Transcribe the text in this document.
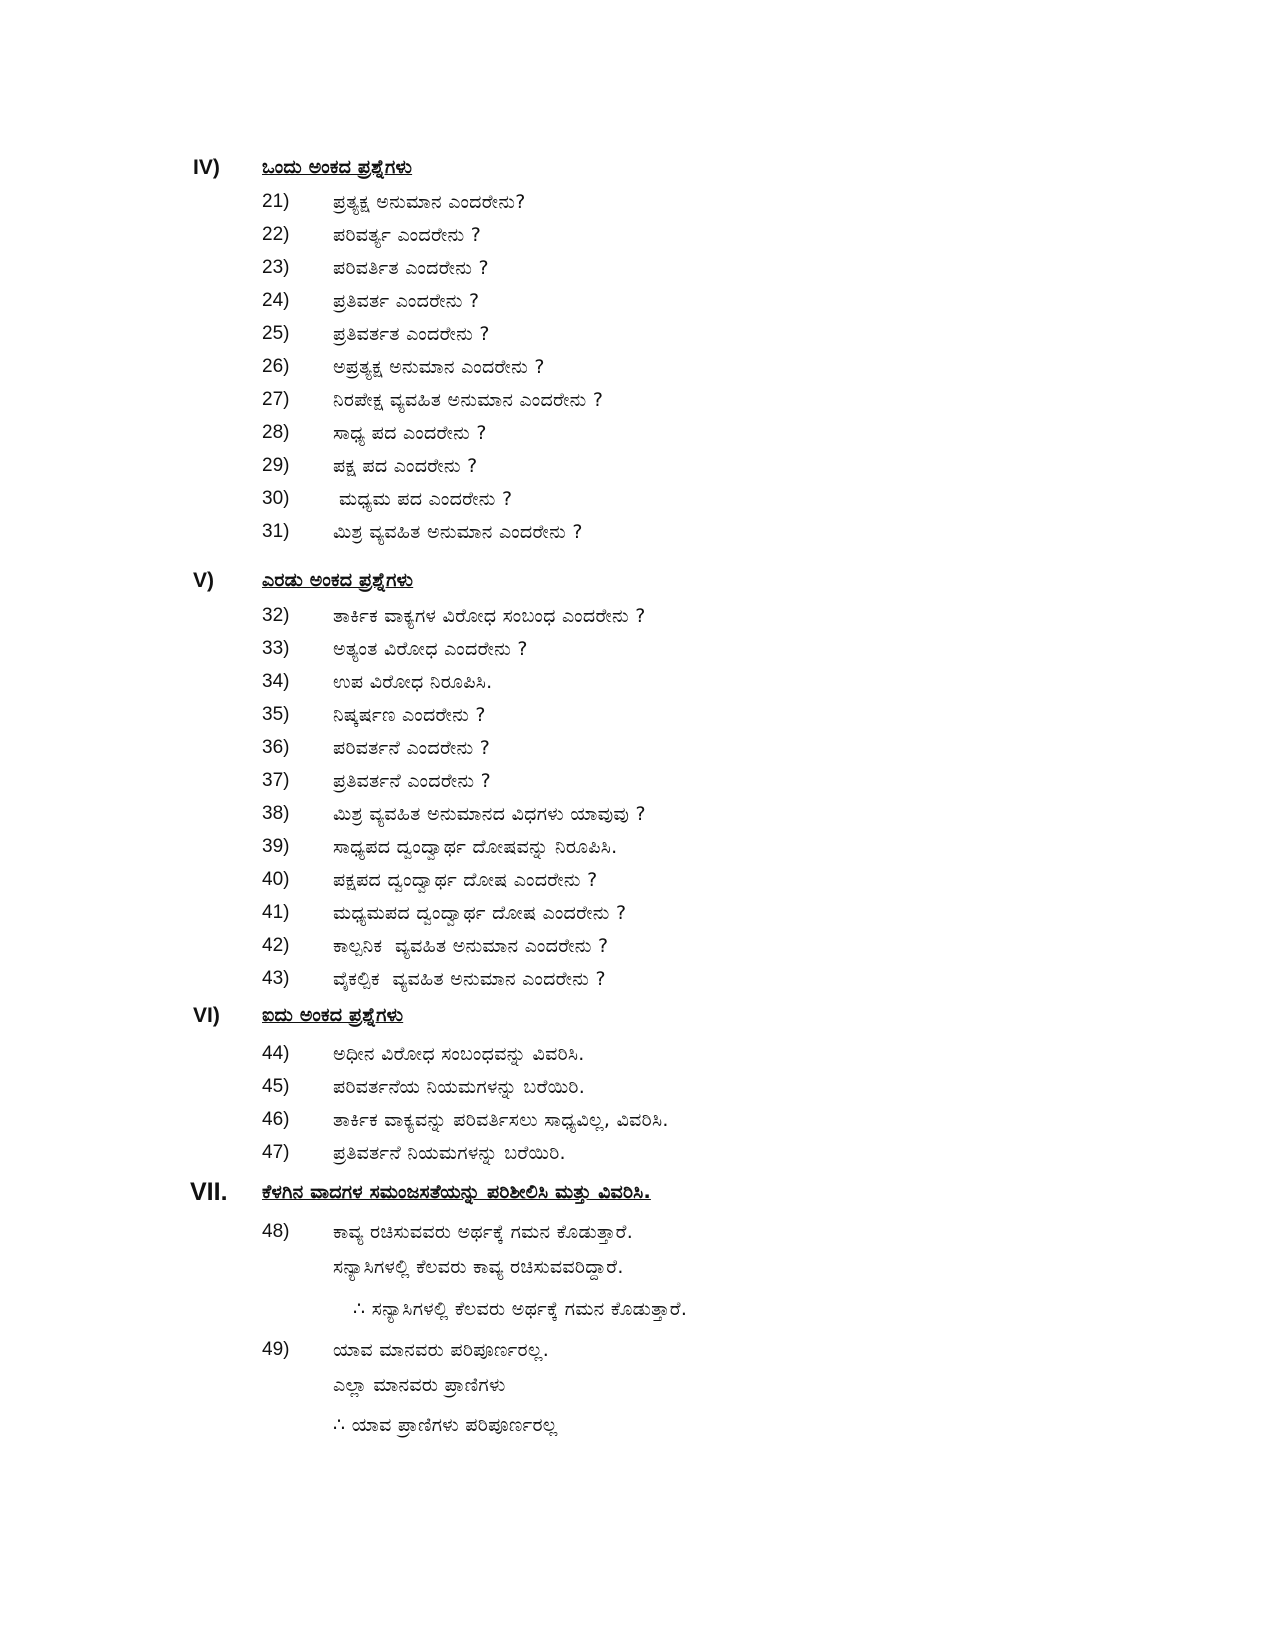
IV) ಒಂದು ಅಂಕದ ಪ್ರಶ್ನೆಗಳು
21) ಪ್ರತ್ಯಕ್ಷ ಅನುಮಾನ ಎಂದರೇನು?
22) ಪರಿವರ್ತ್ಯ ಎಂದರೇನು ?
23) ಪರಿವರ್ತಿತ ಎಂದರೇನು ?
24) ಪ್ರತಿವರ್ತ ಎಂದರೇನು ?
25) ಪ್ರತಿವರ್ತತ ಎಂದರೇನು ?
26) ಅಪ್ರತ್ಯಕ್ಷ ಅನುಮಾನ ಎಂದರೇನು ?
27) ನಿರಪೇಕ್ಷ ವ್ಯವಹಿತ ಅನುಮಾನ ಎಂದರೇನು ?
28) ಸಾಧ್ಯ ಪದ ಎಂದರೇನು ?
29) ಪಕ್ಷ ಪದ ಎಂದರೇನು ?
30)	ಮಧ್ಯಮ ಪದ ಎಂದರೇನು ?
31) ಮಿಶ್ರ ವ್ಯವಹಿತ ಅನುಮಾನ ಎಂದರೇನು ?
V)	ಎರಡು ಅಂಕದ ಪ್ರಶ್ನೆಗಳು
32) ತಾರ್ಕಿಕ ವಾಕ್ಯಗಳ ವಿರೋಧ ಸಂಬಂಧ ಎಂದರೇನು ?
33) ಅತ್ಯಂತ ವಿರೋಧ ಎಂದರೇನು ?
34) ಉಪ ವಿರೋಧ ನಿರೂಪಿಸಿ.
35) ನಿಷ್ಕರ್ಷಣ ಎಂದರೇನು ?
36) ಪರಿವರ್ತನೆ ಎಂದರೇನು ?
37) ಪ್ರತಿವರ್ತನೆ ಎಂದರೇನು ?
38) ಮಿಶ್ರ ವ್ಯವಹಿತ ಅನುಮಾನದ ವಿಧಗಳು ಯಾವುವು ?
39) ಸಾಧ್ಯಪದ ದ್ವಂದ್ವಾರ್ಥ ದೋಷವನ್ನು ನಿರೂಪಿಸಿ.
40) ಪಕ್ಷಪದ ದ್ವಂದ್ವಾರ್ಥ ದೋಷ ಎಂದರೇನು ?
41) ಮಧ್ಯಮಪದ ದ್ವಂದ್ವಾರ್ಥ ದೋಷ ಎಂದರೇನು ?
42) ಕಾಲ್ಪನಿಕ  ವ್ಯವಹಿತ ಅನುಮಾನ ಎಂದರೇನು ?
43) ವೈಕಲ್ಪಿಕ  ವ್ಯವಹಿತ ಅನುಮಾನ ಎಂದರೇನು ?
VI) ಐದು ಅಂಕದ ಪ್ರಶ್ನೆಗಳು
44) ಅಧೀನ ವಿರೋಧ ಸಂಬಂಧವನ್ನು ವಿವರಿಸಿ.
45) ಪರಿವರ್ತನೆಯ ನಿಯಮಗಳನ್ನು ಬರೆಯಿರಿ.
46) ತಾರ್ಕಿಕ ವಾಕ್ಯವನ್ನು ಪರಿವರ್ತಿಸಲು ಸಾಧ್ಯವಿಲ್ಲ, ವಿವರಿಸಿ.
47) ಪ್ರತಿವರ್ತನೆ ನಿಯಮಗಳನ್ನು ಬರೆಯಿರಿ.
VII. ಕೆಳಗಿನ ವಾದಗಳ ಸಮಂಜಸತೆಯನ್ನು ಪರಿಶೀಲಿಸಿ ಮತ್ತು ವಿವರಿಸಿ.
48) ಕಾವ್ಯ ರಚಿಸುವವರು ಅರ್ಥಕ್ಕೆ ಗಮನ ಕೊಡುತ್ತಾರೆ.
ಸನ್ಯಾಸಿಗಳಲ್ಲಿ ಕೆಲವರು ಕಾವ್ಯ ರಚಿಸುವವರಿದ್ದಾರೆ.
∴ ಸನ್ಯಾಸಿಗಳಲ್ಲಿ ಕೆಲವರು ಅರ್ಥಕ್ಕೆ ಗಮನ ಕೊಡುತ್ತಾರೆ.
49) ಯಾವ ಮಾನವರು ಪರಿಪೂರ್ಣರಲ್ಲ.
ಎಲ್ಲಾ ಮಾನವರು ಪ್ರಾಣಿಗಳು
∴ ಯಾವ ಪ್ರಾಣಿಗಳು ಪರಿಪೂರ್ಣರಲ್ಲ
